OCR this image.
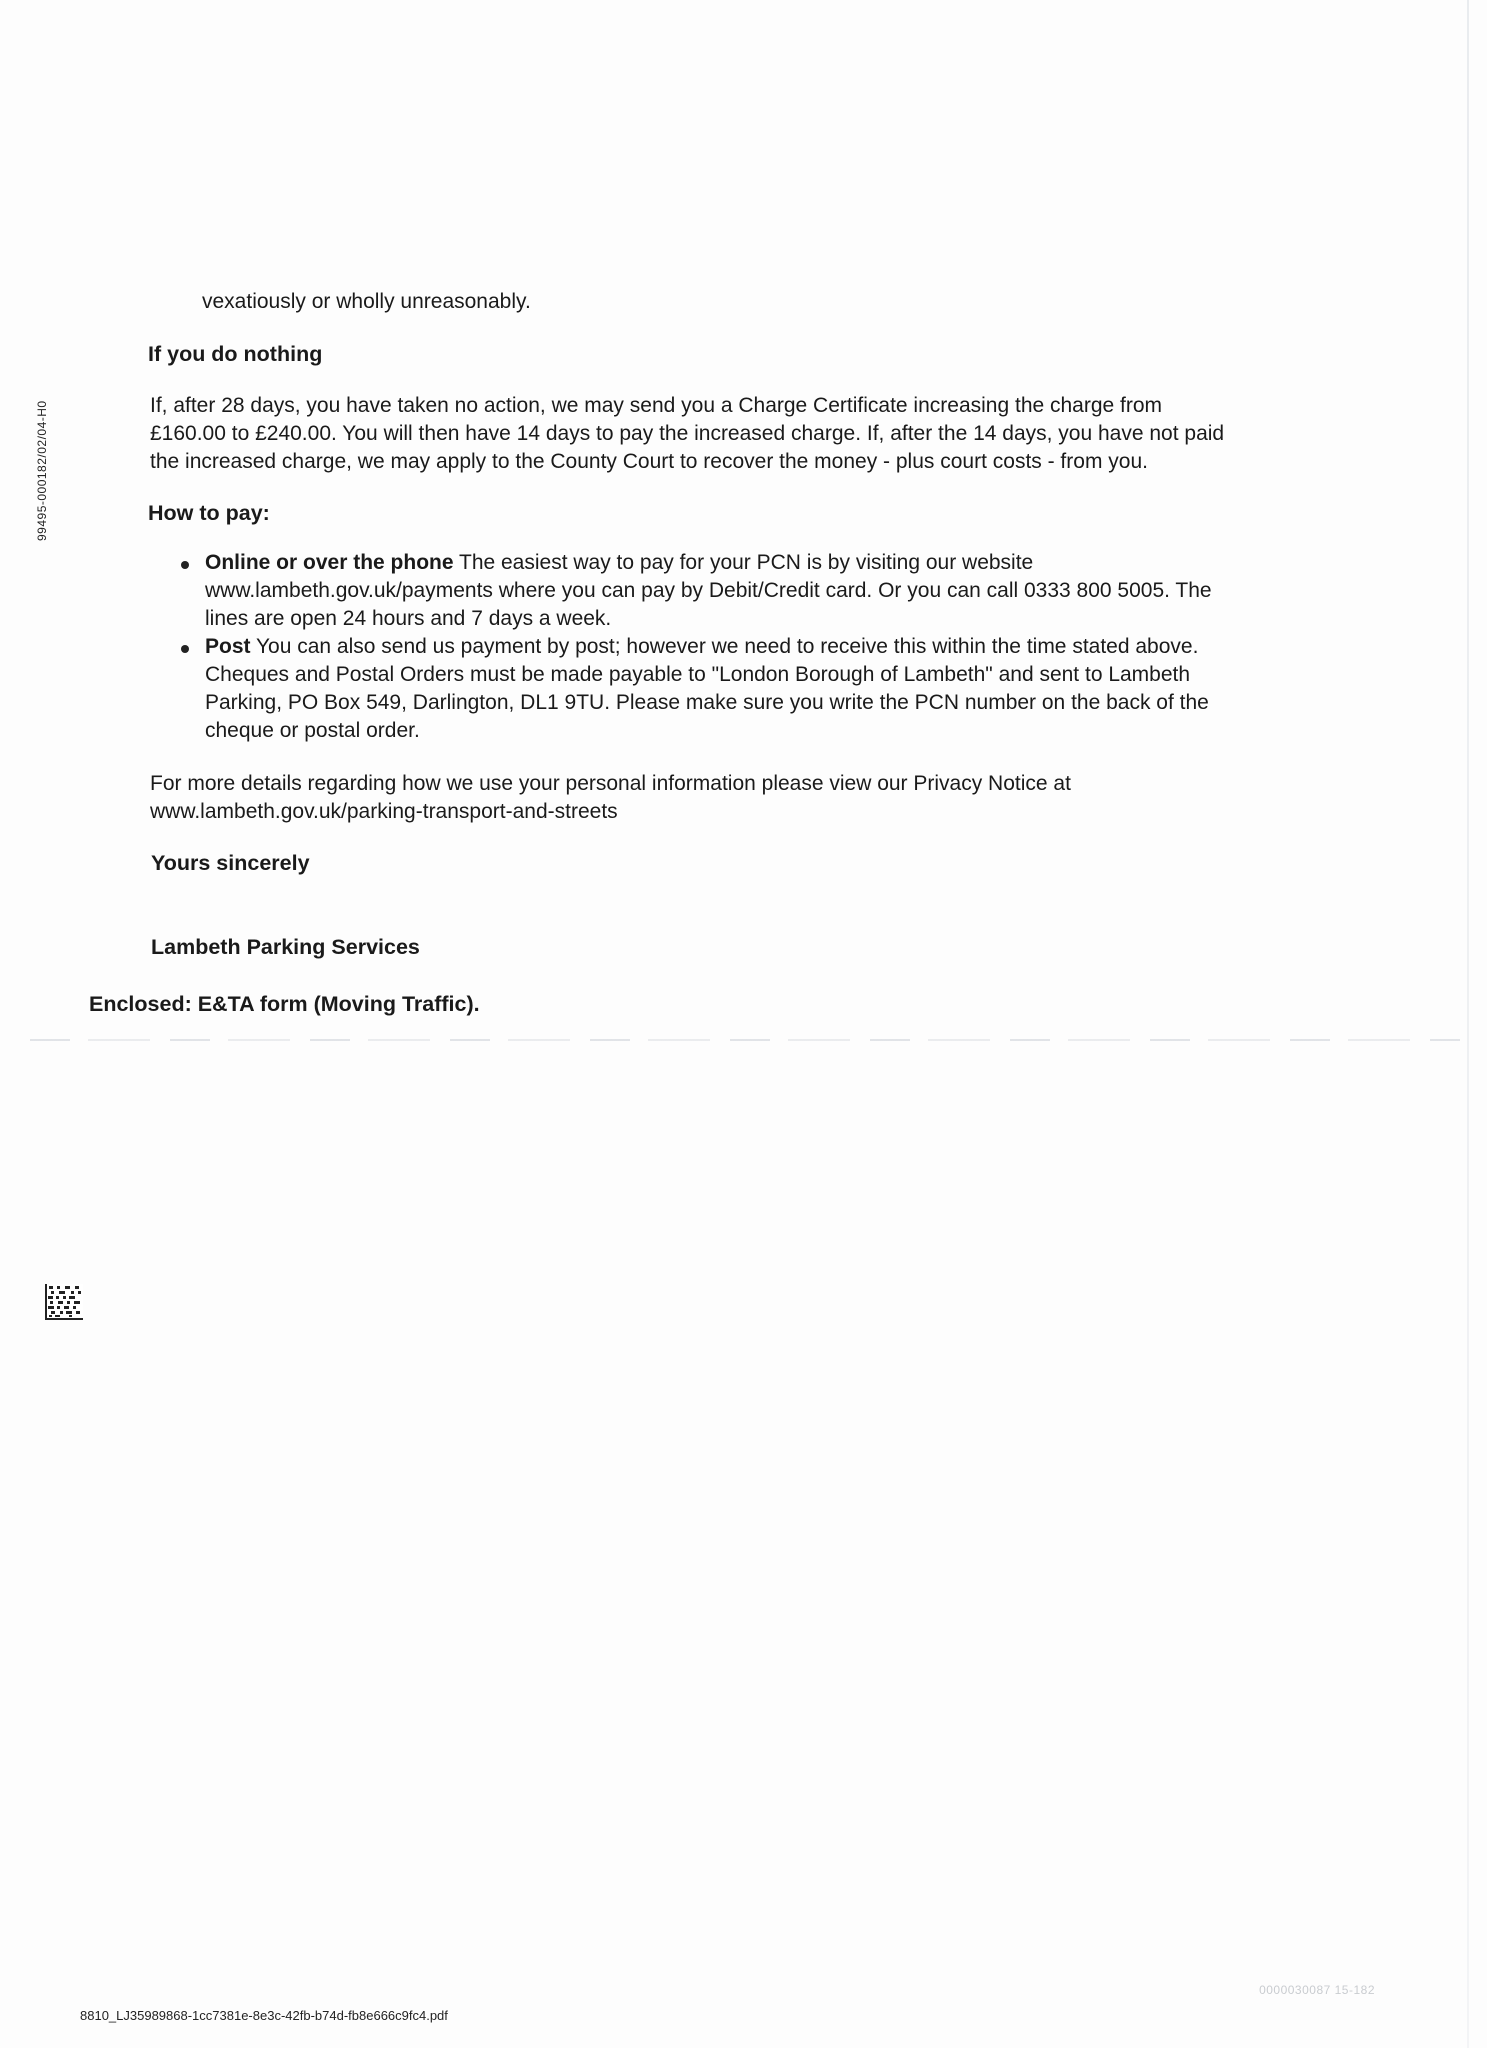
99495-000182/02/04-H0
vexatiously or wholly unreasonably.
If you do nothing
If, after 28 days, you have taken no action, we may send you a Charge Certificate increasing the charge from
£160.00 to £240.00. You will then have 14 days to pay the increased charge. If, after the 14 days, you have not paid
the increased charge, we may apply to the County Court to recover the money - plus court costs - from you.
How to pay:
Online or over the phone The easiest way to pay for your PCN is by visiting our website
www.lambeth.gov.uk/payments where you can pay by Debit/Credit card. Or you can call 0333 800 5005. The
lines are open 24 hours and 7 days a week.
Post You can also send us payment by post; however we need to receive this within the time stated above.
Cheques and Postal Orders must be made payable to "London Borough of Lambeth" and sent to Lambeth
Parking, PO Box 549, Darlington, DL1 9TU. Please make sure you write the PCN number on the back of the
cheque or postal order.
For more details regarding how we use your personal information please view our Privacy Notice at
www.lambeth.gov.uk/parking-transport-and-streets
Yours sincerely
Lambeth Parking Services
Enclosed: E&TA form (Moving Traffic).
0000030087 15-182
8810_LJ35989868-1cc7381e-8e3c-42fb-b74d-fb8e666c9fc4.pdf
